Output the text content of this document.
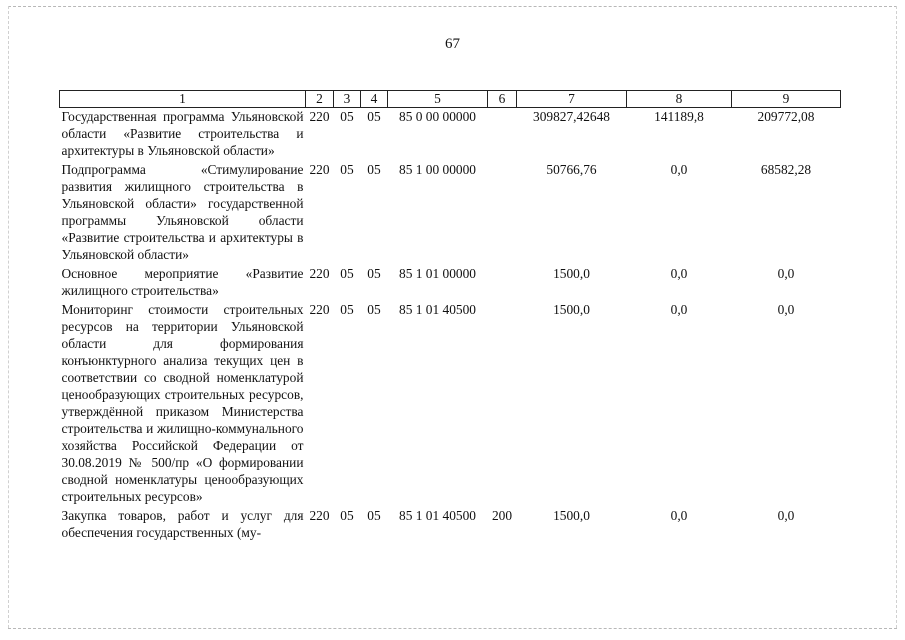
67
1	2	3	4	5	6	7	8	9
Государственная программа Ульяновской области «Развитие строительства и архитектуры в Ульяновской области»	220	05	05	85 0 00 00000		309827,42648	141189,8	209772,08
Подпрограмма «Стимулирование развития жилищного строительства в Ульяновской области» государственной программы Ульяновской области «Развитие строительства и архитектуры в Ульяновской области»	220	05	05	85 1 00 00000		50766,76	0,0	68582,28
Основное мероприятие «Развитие жилищного строительства»	220	05	05	85 1 01 00000		1500,0	0,0	0,0
Мониторинг стоимости строительных ресурсов на территории Ульяновской области для формирования конъюнктурного анализа текущих цен в соответствии со сводной номенклатурой ценообразующих строительных ресурсов, утверждённой приказом Министерства строительства и жилищно-коммунального хозяйства Российской Федерации от 30.08.2019 № 500/пр «О формировании сводной номенклатуры ценообразующих строительных ресурсов»	220	05	05	85 1 01 40500		1500,0	0,0	0,0
Закупка товаров, работ и услуг для обеспечения государственных (му-	220	05	05	85 1 01 40500	200	1500,0	0,0	0,0
